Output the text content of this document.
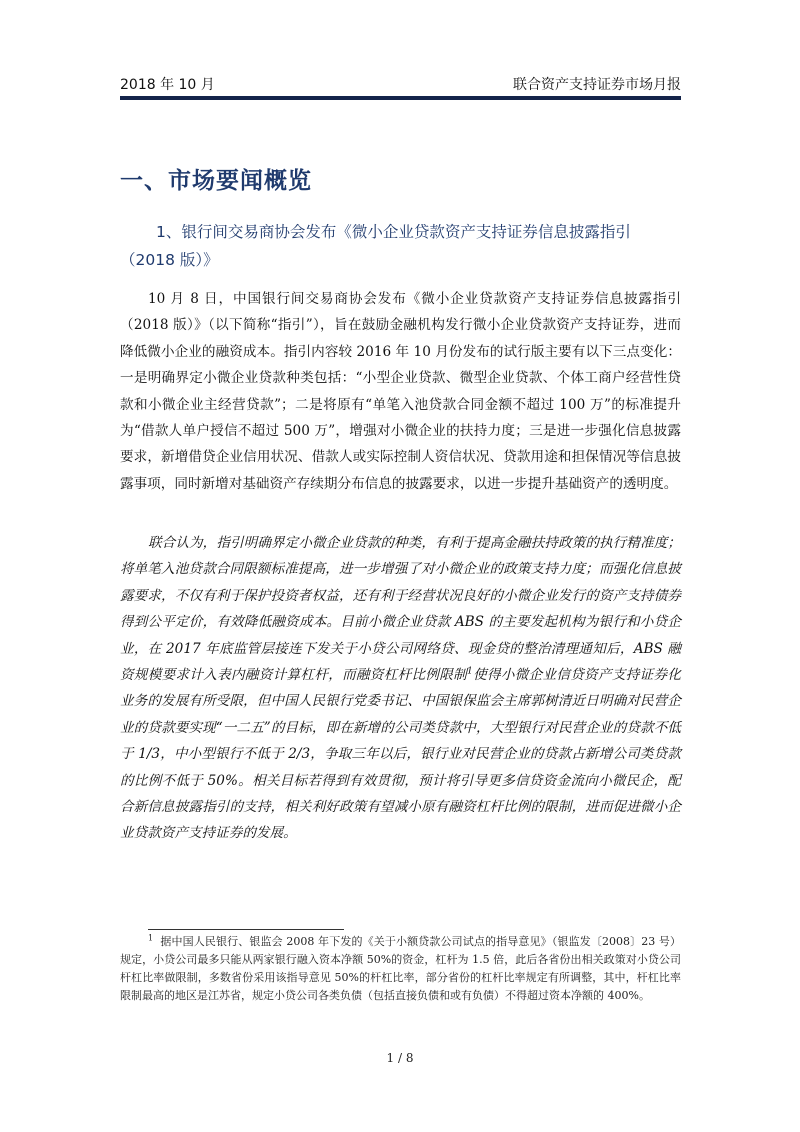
2018 年 10 月	联合资产支持证券市场月报
一、市场要闻概览
1、银行间交易商协会发布《微小企业贷款资产支持证券信息披露指引（2018 版）》
10 月 8 日，中国银行间交易商协会发布《微小企业贷款资产支持证券信息披露指引（2018 版）》（以下简称“指引”），旨在鼓励金融机构发行微小企业贷款资产支持证券，进而降低微小企业的融资成本。指引内容较 2016 年 10 月份发布的试行版主要有以下三点变化：一是明确界定小微企业贷款种类包括：“小型企业贷款、微型企业贷款、个体工商户经营性贷款和小微企业主经营贷款”；二是将原有“单笔入池贷款合同金额不超过 100 万”的标准提升为“借款人单户授信不超过 500 万”，增强对小微企业的扶持力度；三是进一步强化信息披露要求，新增借贷企业信用状况、借款人或实际控制人资信状况、贷款用途和担保情况等信息披露事项，同时新增对基础资产存续期分布信息的披露要求，以进一步提升基础资产的透明度。
联合认为，指引明确界定小微企业贷款的种类，有利于提高金融扶持政策的执行精准度；将单笔入池贷款合同限额标准提高，进一步增强了对小微企业的政策支持力度；而强化信息披露要求，不仅有利于保护投资者权益，还有利于经营状况良好的小微企业发行的资产支持债券得到公平定价，有效降低融资成本。目前小微企业贷款 ABS 的主要发起机构为银行和小贷企业，在 2017 年底监管层接连下发关于小贷公司网络贷、现金贷的整治清理通知后，ABS 融资规模要求计入表内融资计算杠杆，而融资杠杆比例限制$^1$使得小微企业信贷资产支持证券化业务的发展有所受限，但中国人民银行党委书记、中国银保监会主席郭树清近日明确对民营企业的贷款要实现“一二五”的目标，即在新增的公司类贷款中，大型银行对民营企业的贷款不低于 1/3，中小型银行不低于 2/3，争取三年以后，银行业对民营企业的贷款占新增公司类贷款的比例不低于 50%。相关目标若得到有效贯彻，预计将引导更多信贷资金流向小微民企，配合新信息披露指引的支持，相关利好政策有望减小原有融资杠杆比例的限制，进而促进微小企业贷款资产支持证券的发展。
$^1$ 据中国人民银行、银监会 2008 年下发的《关于小额贷款公司试点的指导意见》（银监发〔2008〕23 号）规定，小贷公司最多只能从两家银行融入资本净额 50%的资金，杠杆为 1.5 倍，此后各省份出相关政策对小贷公司杆杠比率做限制，多数省份采用该指导意见 50%的杆杠比率，部分省份的杠杆比率规定有所调整，其中，杆杠比率限制最高的地区是江苏省，规定小贷公司各类负债（包括直接负债和或有负债）不得超过资本净额的 400%。
1 / 8
